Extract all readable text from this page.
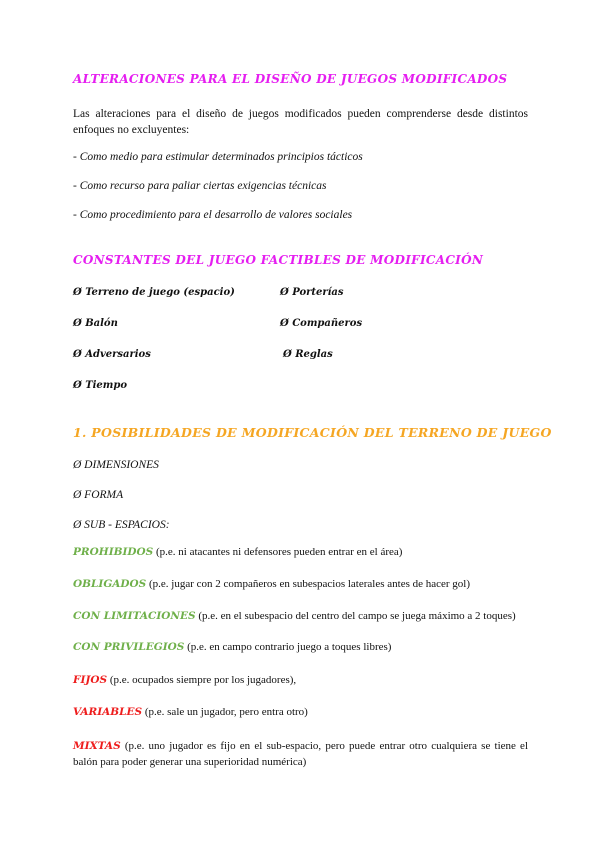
ALTERACIONES PARA EL DISEÑO DE JUEGOS MODIFICADOS
Las alteraciones para el diseño de juegos modificados pueden comprenderse desde distintos enfoques no excluyentes:
- Como medio para estimular determinados principios tácticos
- Como recurso para paliar ciertas exigencias técnicas
- Como procedimiento para el desarrollo de valores sociales
CONSTANTES DEL JUEGO FACTIBLES DE MODIFICACIÓN
Ø Terreno de juego (espacio)	Ø Porterías
Ø Balón	Ø Compañeros
Ø Adversarios	Ø Reglas
Ø Tiempo
1. POSIBILIDADES DE MODIFICACIÓN DEL TERRENO DE JUEGO
Ø DIMENSIONES
Ø FORMA
Ø SUB - ESPACIOS:
PROHIBIDOS (p.e. ni atacantes ni defensores pueden entrar en el área)
OBLIGADOS (p.e. jugar con 2 compañeros en subespacios laterales antes de hacer gol)
CON LIMITACIONES (p.e. en el subespacio del centro del campo se juega máximo a 2 toques)
CON PRIVILEGIOS (p.e. en campo contrario juego a toques libres)
FIJOS (p.e. ocupados siempre por los jugadores),
VARIABLES (p.e. sale un jugador, pero entra otro)
MIXTAS (p.e. uno jugador es fijo en el sub-espacio, pero puede entrar otro cualquiera se tiene el balón para poder generar una superioridad numérica)
